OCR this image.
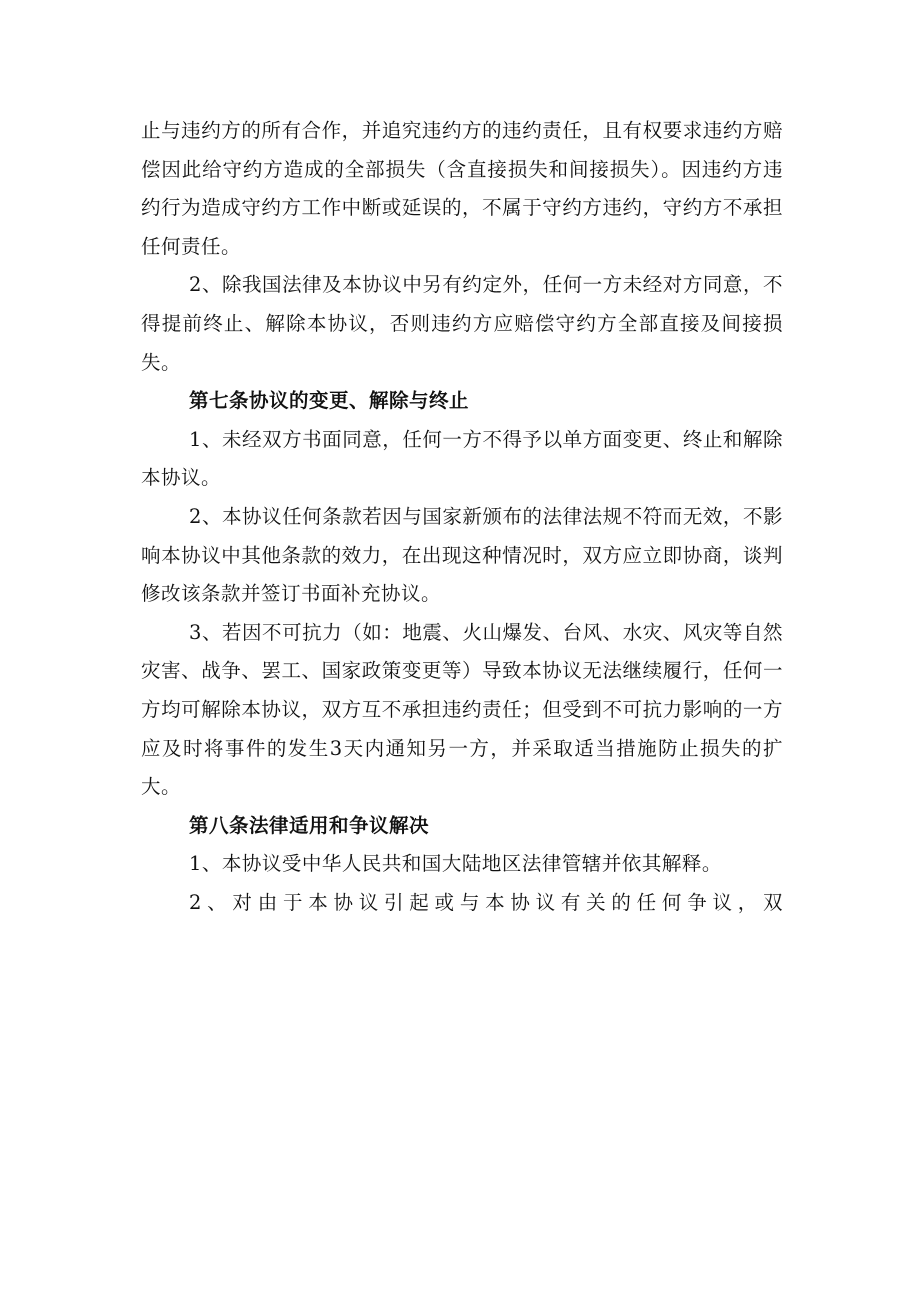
止与违约方的所有合作，并追究违约方的违约责任，且有权要求违约方赔偿因此给守约方造成的全部损失（含直接损失和间接损失）。因违约方违约行为造成守约方工作中断或延误的，不属于守约方违约，守约方不承担任何责任。

2、除我国法律及本协议中另有约定外，任何一方未经对方同意，不得提前终止、解除本协议，否则违约方应赔偿守约方全部直接及间接损失。

第七条协议的变更、解除与终止

1、未经双方书面同意，任何一方不得予以单方面变更、终止和解除本协议。

2、本协议任何条款若因与国家新颁布的法律法规不符而无效，不影响本协议中其他条款的效力，在出现这种情况时，双方应立即协商，谈判修改该条款并签订书面补充协议。

3、若因不可抗力（如：地震、火山爆发、台风、水灾、风灾等自然灾害、战争、罢工、国家政策变更等）导致本协议无法继续履行，任何一方均可解除本协议，双方互不承担违约责任；但受到不可抗力影响的一方应及时将事件的发生3天内通知另一方，并采取适当措施防止损失的扩大。

第八条法律适用和争议解决

1、本协议受中华人民共和国大陆地区法律管辖并依其解释。

2、对由于本协议引起或与本协议有关的任何争议，双
